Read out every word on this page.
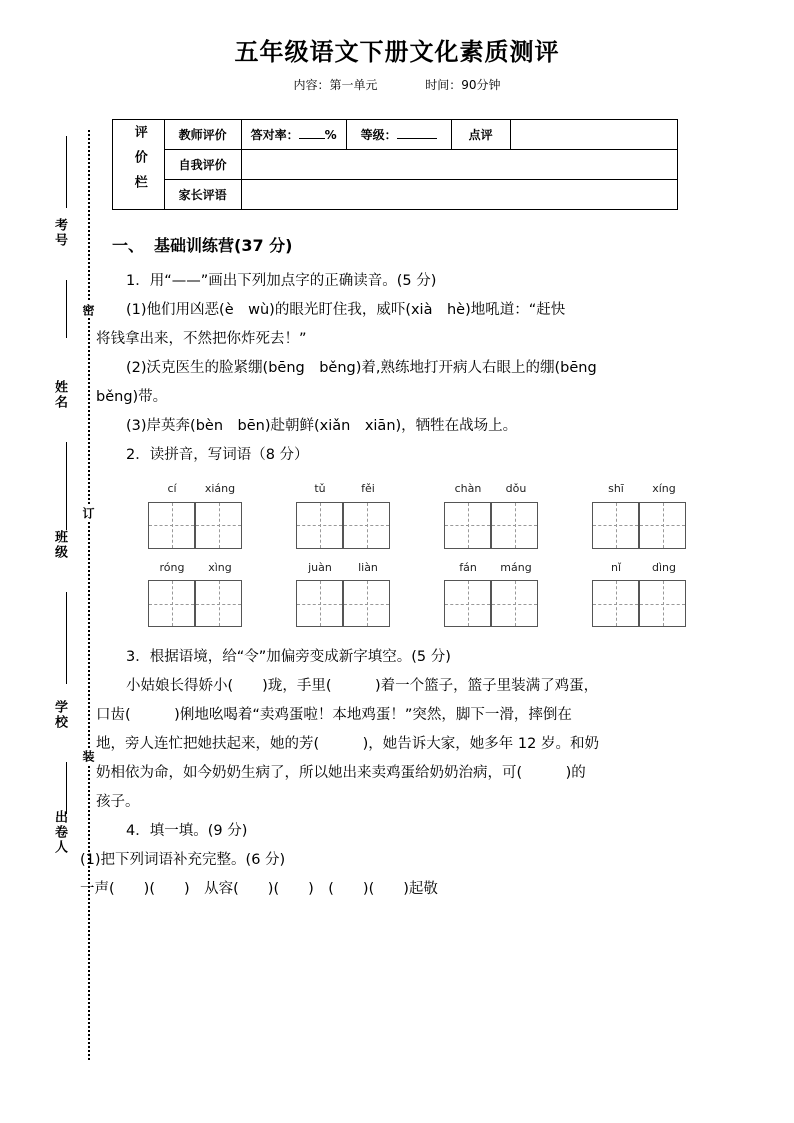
考号
密
姓名
订
班级
学校
装
出卷人
五年级语文下册文化素质测评
内容：第一单元	时间：90分钟
评价栏	教师评价	答对率： %	等级：	点评	
	自我评价				
	家长评语				
一、 基础训练营(37 分)
1．用“——”画出下列加点字的正确读音。(5 分)
(1)他们用凶恶(è　wù)的眼光盯住我，威吓(xià　hè)地吼道：“赶快
将钱拿出来，不然把你炸死去！”
(2)沃克医生的脸紧绷(bēng　běng)着,熟练地打开病人右眼上的绷(bēng
běng)带。
(3)岸英奔(bèn　bēn)赴朝鲜(xiǎn　xiān)，牺牲在战场上。
2．读拼音，写词语（8 分）
cí	xiáng	tǔ	fěi	chàn	dǒu	shī	xíng
róng	xìng	juàn	liàn	fán	máng	nǐ	dìng
3．根据语境，给“令”加偏旁变成新字填空。(5 分)
小姑娘长得娇小(　　)珑，手里(　　　)着一个篮子，篮子里装满了鸡蛋，
口齿(　　　)俐地吆喝着“卖鸡蛋啦！本地鸡蛋！”突然，脚下一滑，摔倒在
地，旁人连忙把她扶起来，她的芳(　　　)，她告诉大家，她多年 12 岁。和奶
奶相依为命，如今奶奶生病了，所以她出来卖鸡蛋给奶奶治病，可(　　　)的
孩子。
4．填一填。(9 分)
(1)把下列词语补充完整。(6 分)
一声(　　)(　　)　从容(　　)(　　)　(　　)(　　)起敬
